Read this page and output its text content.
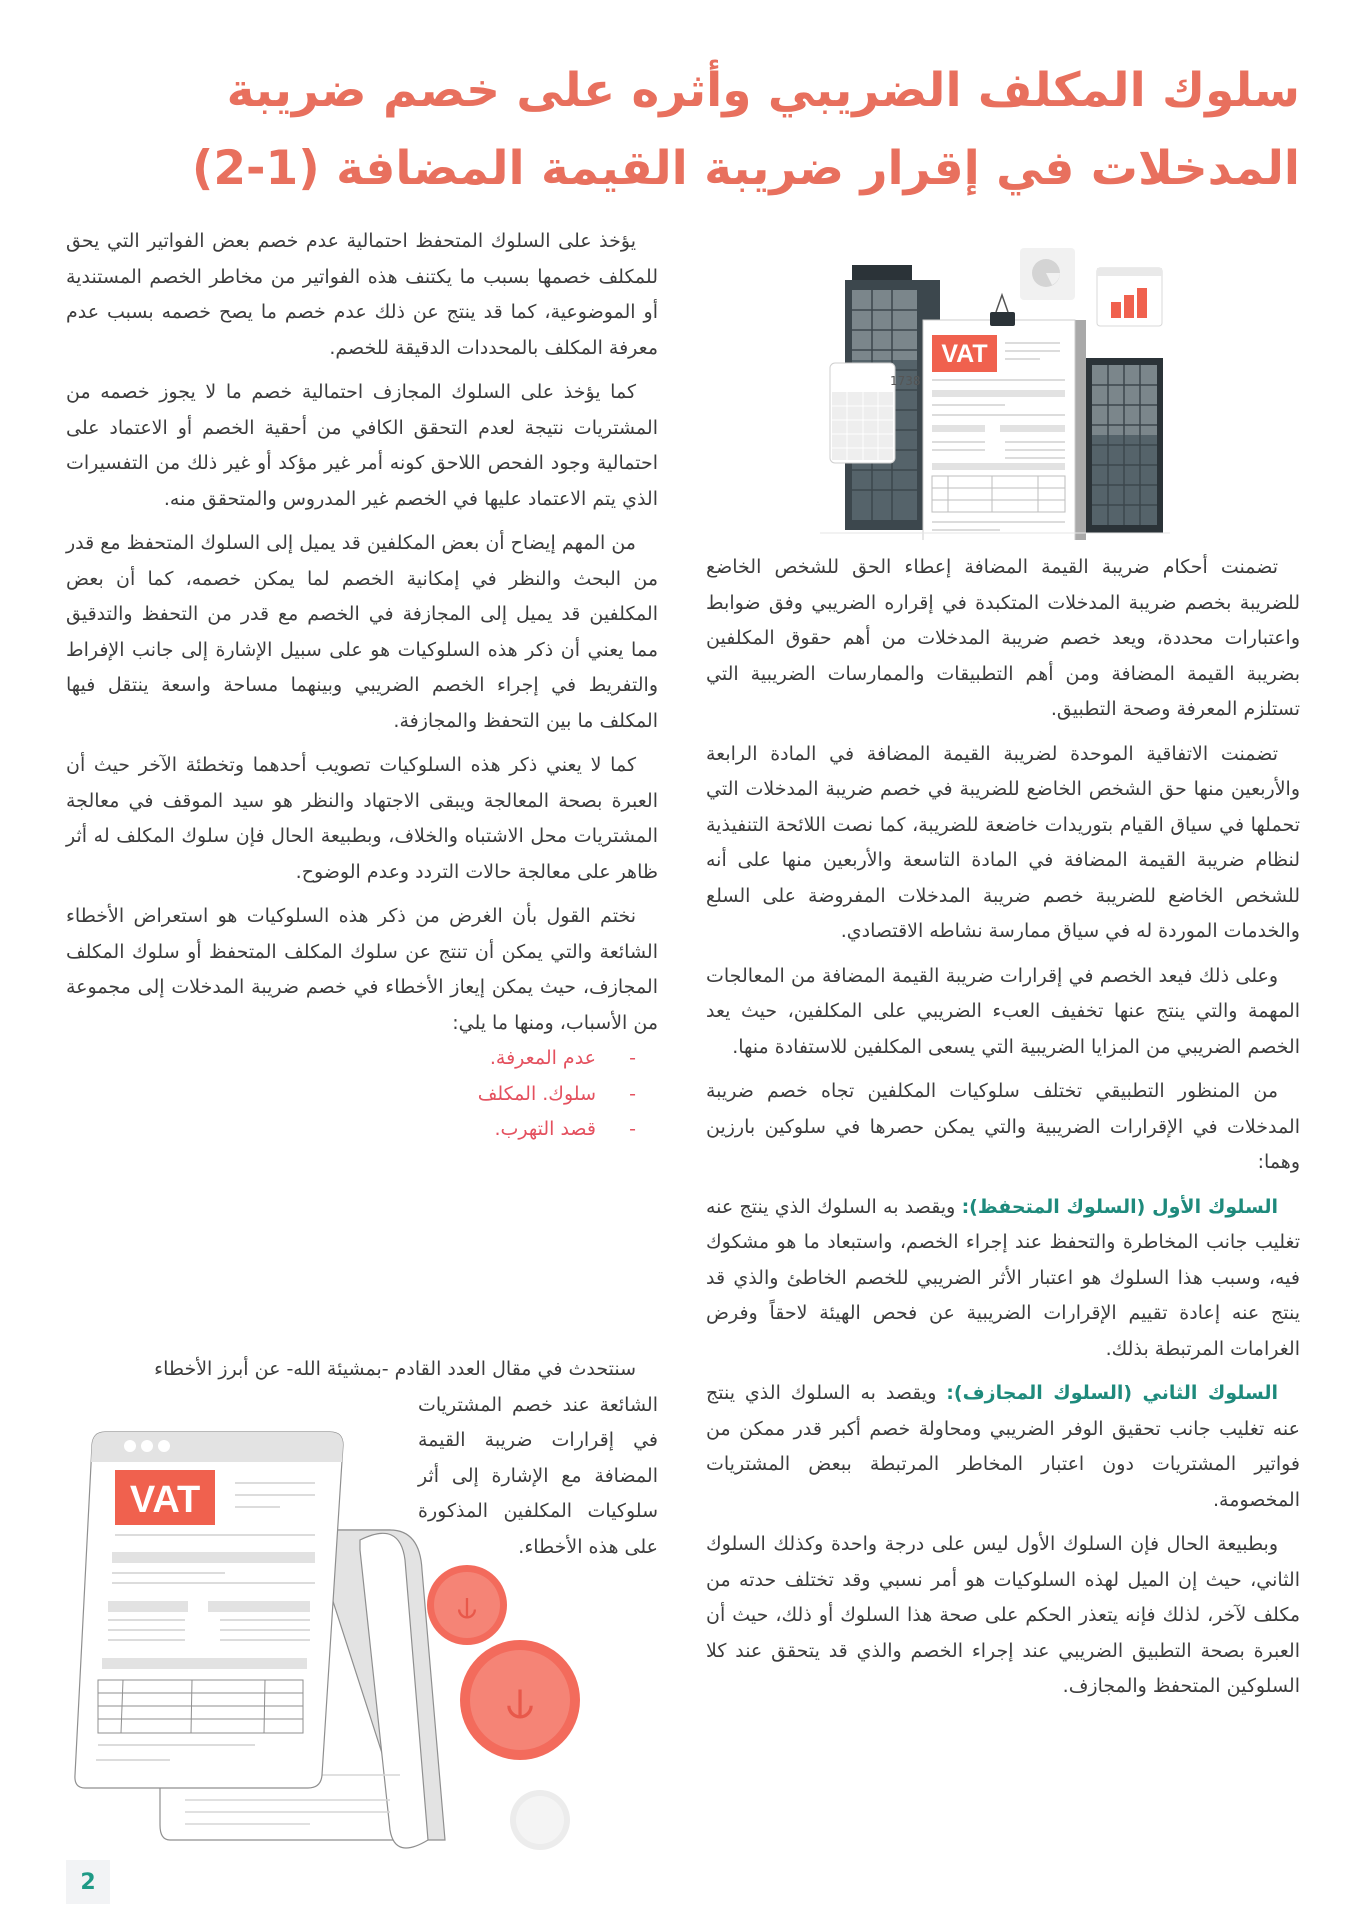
سلوك المكلف الضريبي وأثره على خصم ضريبة
المدخلات في إقرار ضريبة القيمة المضافة (1-2)

يؤخذ على السلوك المتحفظ احتمالية عدم خصم بعض الفواتير التي يحق للمكلف خصمها بسبب ما يكتنف هذه الفواتير من مخاطر الخصم المستندية أو الموضوعية، كما قد ينتج عن ذلك عدم خصم ما يصح خصمه بسبب عدم معرفة المكلف بالمحددات الدقيقة للخصم.

كما يؤخذ على السلوك المجازف احتمالية خصم ما لا يجوز خصمه من المشتريات نتيجة لعدم التحقق الكافي من أحقية الخصم أو الاعتماد على احتمالية وجود الفحص اللاحق كونه أمر غير مؤكد أو غير ذلك من التفسيرات الذي يتم الاعتماد عليها في الخصم غير المدروس والمتحقق منه.

من المهم إيضاح أن بعض المكلفين قد يميل إلى السلوك المتحفظ مع قدر من البحث والنظر في إمكانية الخصم لما يمكن خصمه، كما أن بعض المكلفين قد يميل إلى المجازفة في الخصم مع قدر من التحفظ والتدقيق مما يعني أن ذكر هذه السلوكيات هو على سبيل الإشارة إلى جانب الإفراط والتفريط في إجراء الخصم الضريبي وبينهما مساحة واسعة ينتقل فيها المكلف ما بين التحفظ والمجازفة.

كما لا يعني ذكر هذه السلوكيات تصويب أحدهما وتخطئة الآخر حيث أن العبرة بصحة المعالجة ويبقى الاجتهاد والنظر هو سيد الموقف في معالجة المشتريات محل الاشتباه والخلاف، وبطبيعة الحال فإن سلوك المكلف له أثر ظاهر على معالجة حالات التردد وعدم الوضوح.

نختم القول بأن الغرض من ذكر هذه السلوكيات هو استعراض الأخطاء الشائعة والتي يمكن أن تنتج عن سلوك المكلف المتحفظ أو سلوك المكلف المجازف، حيث يمكن إيعاز الأخطاء في خصم ضريبة المدخلات إلى مجموعة من الأسباب، ومنها ما يلي:

-عدم المعرفة.
-سلوك. المكلف
-قصد التهرب.
سنتحدث في مقال العدد القادم -بمشيئة الله- عن أبرز الأخطاء
الشائعة عند خصم المشتريات في إقرارات ضريبة القيمة المضافة مع الإشارة إلى أثر سلوكيات المكلفين المذكورة على هذه الأخطاء.

تضمنت أحكام ضريبة القيمة المضافة إعطاء الحق للشخص الخاضع للضريبة بخصم ضريبة المدخلات المتكبدة في إقراره الضريبي وفق ضوابط واعتبارات محددة، ويعد خصم ضريبة المدخلات من أهم حقوق المكلفين بضريبة القيمة المضافة ومن أهم التطبيقات والممارسات الضريبية التي تستلزم المعرفة وصحة التطبيق.

تضمنت الاتفاقية الموحدة لضريبة القيمة المضافة في المادة الرابعة والأربعين منها حق الشخص الخاضع للضريبة في خصم ضريبة المدخلات التي تحملها في سياق القيام بتوريدات خاضعة للضريبة، كما نصت اللائحة التنفيذية لنظام ضريبة القيمة المضافة في المادة التاسعة والأربعين منها على أنه للشخص الخاضع للضريبة خصم ضريبة المدخلات المفروضة على السلع والخدمات الموردة له في سياق ممارسة نشاطه الاقتصادي.

وعلى ذلك فيعد الخصم في إقرارات ضريبة القيمة المضافة من المعالجات المهمة والتي ينتج عنها تخفيف العبء الضريبي على المكلفين، حيث يعد الخصم الضريبي من المزايا الضريبية التي يسعى المكلفين للاستفادة منها.

من المنظور التطبيقي تختلف سلوكيات المكلفين تجاه خصم ضريبة المدخلات في الإقرارات الضريبية والتي يمكن حصرها في سلوكين بارزين وهما:

السلوك الأول (السلوك المتحفظ): ويقصد به السلوك الذي ينتج عنه تغليب جانب المخاطرة والتحفظ عند إجراء الخصم، واستبعاد ما هو مشكوك فيه، وسبب هذا السلوك هو اعتبار الأثر الضريبي للخصم الخاطئ والذي قد ينتج عنه إعادة تقييم الإقرارات الضريبية عن فحص الهيئة لاحقاً وفرض الغرامات المرتبطة بذلك.

السلوك الثاني (السلوك المجازف): ويقصد به السلوك الذي ينتج عنه تغليب جانب تحقيق الوفر الضريبي ومحاولة خصم أكبر قدر ممكن من فواتير المشتريات دون اعتبار المخاطر المرتبطة ببعض المشتريات المخصومة.

وبطبيعة الحال فإن السلوك الأول ليس على درجة واحدة وكذلك السلوك الثاني، حيث إن الميل لهذه السلوكيات هو أمر نسبي وقد تختلف حدته من مكلف لآخر، لذلك فإنه يتعذر الحكم على صحة هذا السلوك أو ذلك، حيث أن العبرة بصحة التطبيق الضريبي عند إجراء الخصم والذي قد يتحقق عند كلا السلوكين المتحفظ والمجازف.

VAT
1738
⫝
⫝
VAT
2
